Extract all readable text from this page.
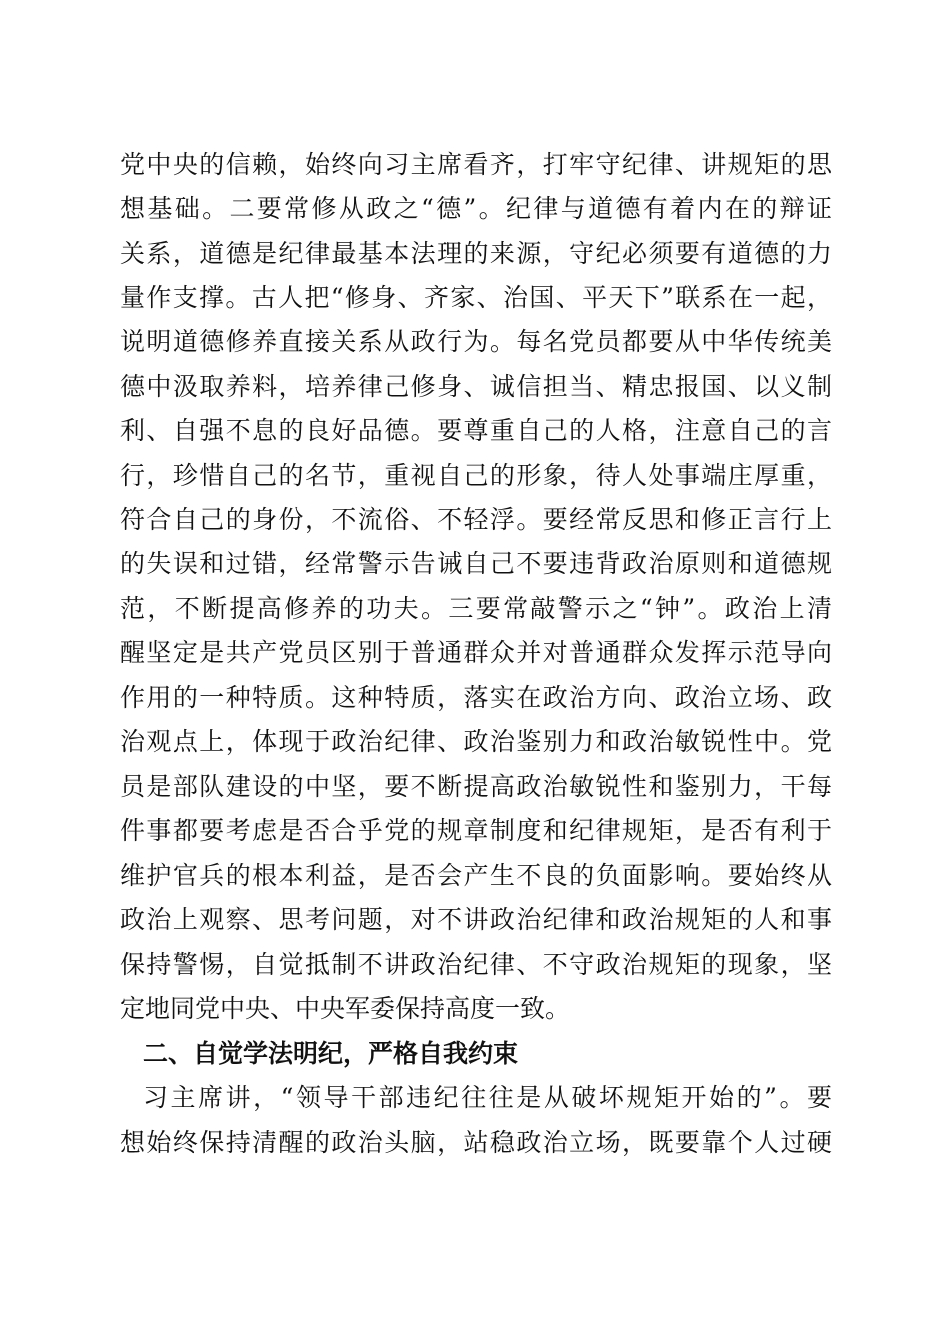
党中央的信赖，始终向习主席看齐，打牢守纪律、讲规矩的思
想基础。二要常修从政之“德”。纪律与道德有着内在的辩证
关系，道德是纪律最基本法理的来源，守纪必须要有道德的力
量作支撑。古人把“修身、齐家、治国、平天下”联系在一起，
说明道德修养直接关系从政行为。每名党员都要从中华传统美
德中汲取养料，培养律己修身、诚信担当、精忠报国、以义制
利、自强不息的良好品德。要尊重自己的人格，注意自己的言
行，珍惜自己的名节，重视自己的形象，待人处事端庄厚重，
符合自己的身份，不流俗、不轻浮。要经常反思和修正言行上
的失误和过错，经常警示告诫自己不要违背政治原则和道德规
范，不断提高修养的功夫。三要常敲警示之“钟”。政治上清
醒坚定是共产党员区别于普通群众并对普通群众发挥示范导向
作用的一种特质。这种特质，落实在政治方向、政治立场、政
治观点上，体现于政治纪律、政治鉴别力和政治敏锐性中。党
员是部队建设的中坚，要不断提高政治敏锐性和鉴别力，干每
件事都要考虑是否合乎党的规章制度和纪律规矩，是否有利于
维护官兵的根本利益，是否会产生不良的负面影响。要始终从
政治上观察、思考问题，对不讲政治纪律和政治规矩的人和事
保持警惕，自觉抵制不讲政治纪律、不守政治规矩的现象，坚
定地同党中央、中央军委保持高度一致。
二、自觉学法明纪，严格自我约束
习主席讲，“领导干部违纪往往是从破坏规矩开始的”。要
想始终保持清醒的政治头脑，站稳政治立场，既要靠个人过硬
